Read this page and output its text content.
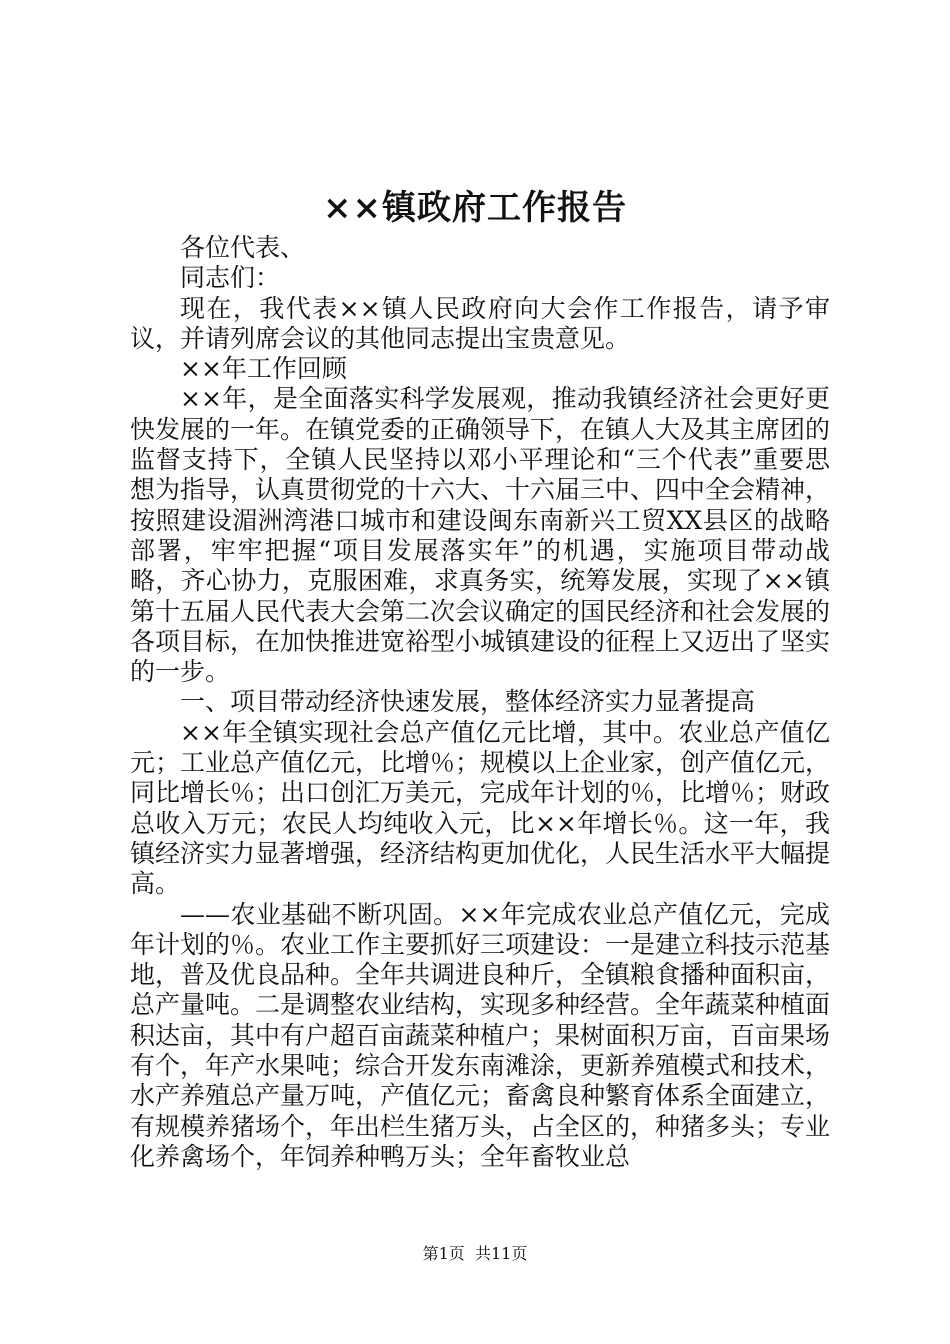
××镇政府工作报告

各位代表、

同志们：

现在，我代表××镇人民政府向大会作工作报告，请予审议，并请列席会议的其他同志提出宝贵意见。

××年工作回顾

××年，是全面落实科学发展观，推动我镇经济社会更好更快发展的一年。在镇党委的正确领导下，在镇人大及其主席团的监督支持下，全镇人民坚持以邓小平理论和“三个代表”重要思想为指导，认真贯彻党的十六大、十六届三中、四中全会精神，按照建设湄洲湾港口城市和建设闽东南新兴工贸XX县区的战略部署，牢牢把握“项目发展落实年”的机遇，实施项目带动战略，齐心协力，克服困难，求真务实，统筹发展，实现了××镇第十五届人民代表大会第二次会议确定的国民经济和社会发展的各项目标，在加快推进宽裕型小城镇建设的征程上又迈出了坚实的一步。

一、项目带动经济快速发展，整体经济实力显著提高

××年全镇实现社会总产值亿元比增，其中。农业总产值亿元；工业总产值亿元，比增％；规模以上企业家，创产值亿元，同比增长％；出口创汇万美元，完成年计划的％，比增％；财政总收入万元；农民人均纯收入元，比××年增长％。这一年，我镇经济实力显著增强，经济结构更加优化，人民生活水平大幅提高。

——农业基础不断巩固。××年完成农业总产值亿元，完成年计划的％。农业工作主要抓好三项建设：一是建立科技示范基地，普及优良品种。全年共调进良种斤，全镇粮食播种面积亩，总产量吨。二是调整农业结构，实现多种经营。全年蔬菜种植面积达亩，其中有户超百亩蔬菜种植户；果树面积万亩，百亩果场有个，年产水果吨；综合开发东南滩涂，更新养殖模式和技术，水产养殖总产量万吨，产值亿元；畜禽良种繁育体系全面建立，有规模养猪场个，年出栏生猪万头，占全区的，种猪多头；专业化养禽场个，年饲养种鸭万头；全年畜牧业总

第1页 共11页
